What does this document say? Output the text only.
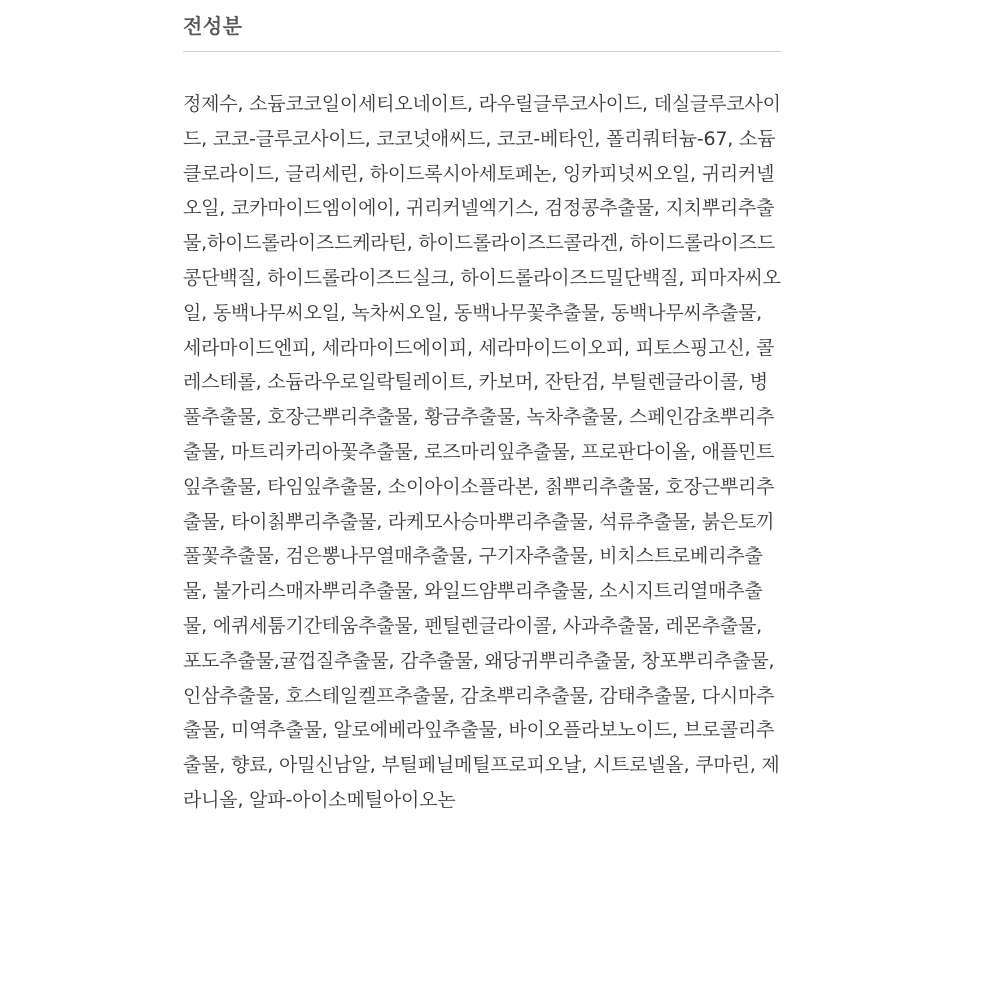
전성분

정제수, 소듐코코일이세티오네이트, 라우릴글루코사이드, 데실글루코사이드, 코코-글루코사이드, 코코넛애씨드, 코코-베타인, 폴리쿼터늄-67, 소듐클로라이드, 글리세린, 하이드록시아세토페논, 잉카피넛씨오일, 귀리커넬오일, 코카마이드엠이에이, 귀리커넬엑기스, 검정콩추출물, 지치뿌리추출물,하이드롤라이즈드케라틴, 하이드롤라이즈드콜라겐, 하이드롤라이즈드콩단백질, 하이드롤라이즈드실크, 하이드롤라이즈드밀단백질, 피마자씨오일, 동백나무씨오일, 녹차씨오일, 동백나무꽃추출물, 동백나무씨추출물, 세라마이드엔피, 세라마이드에이피, 세라마이드이오피, 피토스핑고신, 콜레스테롤, 소듐라우로일락틸레이트, 카보머, 잔탄검, 부틸렌글라이콜, 병풀추출물, 호장근뿌리추출물, 황금추출물, 녹차추출물, 스페인감초뿌리추출물, 마트리카리아꽃추출물, 로즈마리잎추출물, 프로판다이올, 애플민트잎추출물, 타임잎추출물, 소이아이소플라본, 칡뿌리추출물, 호장근뿌리추출물, 타이칡뿌리추출물, 라케모사승마뿌리추출물, 석류추출물, 붉은토끼풀꽃추출물, 검은뽕나무열매추출물, 구기자추출물, 비치스트로베리추출물, 불가리스매자뿌리추출물, 와일드얌뿌리추출물, 소시지트리열매추출물, 에퀴세툼기간테움추출물, 펜틸렌글라이콜, 사과추출물, 레몬추출물, 포도추출물,귤껍질추출물, 감추출물, 왜당귀뿌리추출물, 창포뿌리추출물, 인삼추출물, 호스테일켈프추출물, 감초뿌리추출물, 감태추출물, 다시마추출물, 미역추출물, 알로에베라잎추출물, 바이오플라보노이드, 브로콜리추출물, 향료, 아밀신남알, 부틸페닐메틸프로피오날, 시트로넬올, 쿠마린, 제라니올, 알파-아이소메틸아이오논
